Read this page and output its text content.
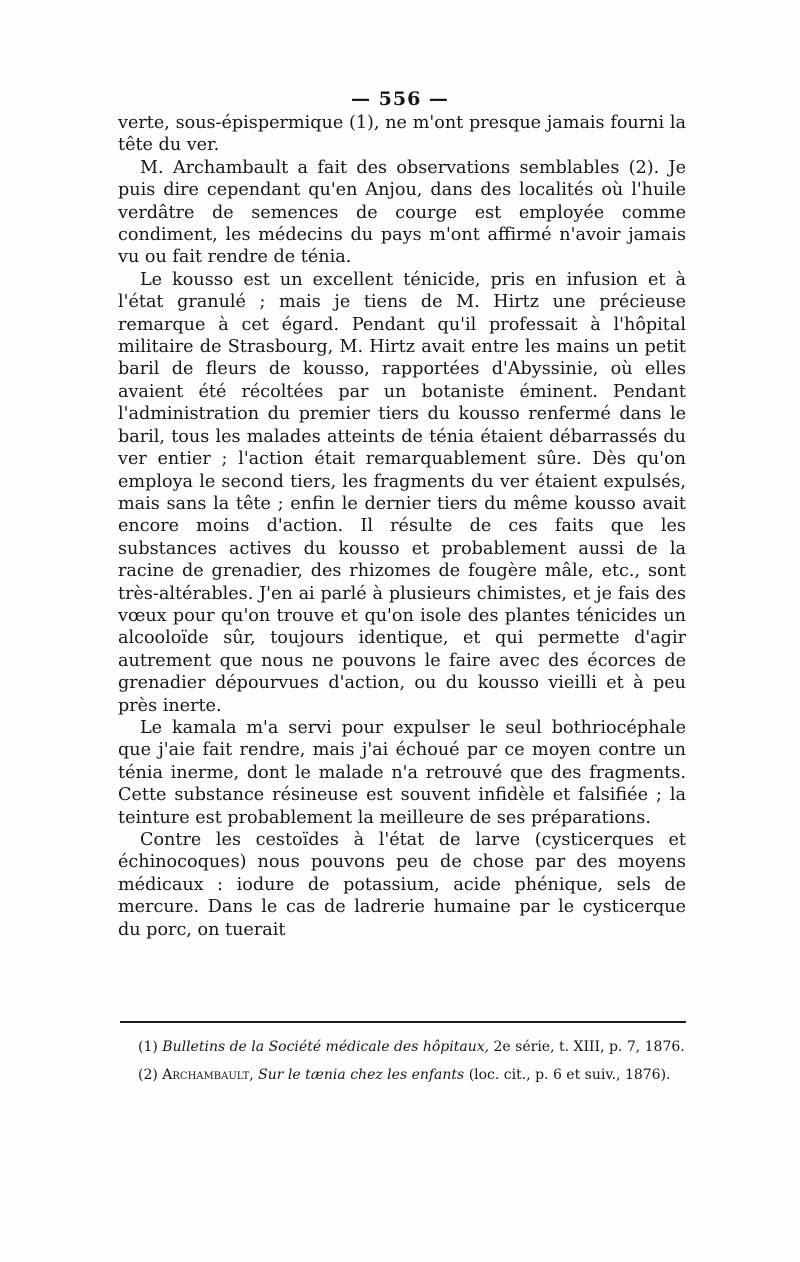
— 556 —

verte, sous-épispermique (1), ne m'ont presque jamais fourni la tête du ver.

M. Archambault a fait des observations semblables (2). Je puis dire cependant qu'en Anjou, dans des localités où l'huile verdâtre de semences de courge est employée comme condiment, les médecins du pays m'ont affirmé n'avoir jamais vu ou fait rendre de ténia.

Le kousso est un excellent ténicide, pris en infusion et à l'état granulé ; mais je tiens de M. Hirtz une précieuse remarque à cet égard. Pendant qu'il professait à l'hôpital militaire de Strasbourg, M. Hirtz avait entre les mains un petit baril de fleurs de kousso, rapportées d'Abyssinie, où elles avaient été récoltées par un botaniste éminent. Pendant l'administration du premier tiers du kousso renfermé dans le baril, tous les malades atteints de ténia étaient débarrassés du ver entier ; l'action était remarquablement sûre. Dès qu'on employa le second tiers, les fragments du ver étaient expulsés, mais sans la tête ; enfin le dernier tiers du même kousso avait encore moins d'action. Il résulte de ces faits que les substances actives du kousso et probablement aussi de la racine de grenadier, des rhizomes de fougère mâle, etc., sont très-altérables. J'en ai parlé à plusieurs chimistes, et je fais des vœux pour qu'on trouve et qu'on isole des plantes ténicides un alcooloïde sûr, toujours identique, et qui permette d'agir autrement que nous ne pouvons le faire avec des écorces de grenadier dépourvues d'action, ou du kousso vieilli et à peu près inerte.

Le kamala m'a servi pour expulser le seul bothriocéphale que j'aie fait rendre, mais j'ai échoué par ce moyen contre un ténia inerme, dont le malade n'a retrouvé que des fragments. Cette substance résineuse est souvent infidèle et falsifiée ; la teinture est probablement la meilleure de ses préparations.

Contre les cestoïdes à l'état de larve (cysticerques et échinocoques) nous pouvons peu de chose par des moyens médicaux : iodure de potassium, acide phénique, sels de mercure. Dans le cas de ladrerie humaine par le cysticerque du porc, on tuerait

(1) Bulletins de la Société médicale des hôpitaux, 2e série, t. XIII, p. 7, 1876.

(2) Archambault, Sur le tænia chez les enfants (loc. cit., p. 6 et suiv., 1876).
